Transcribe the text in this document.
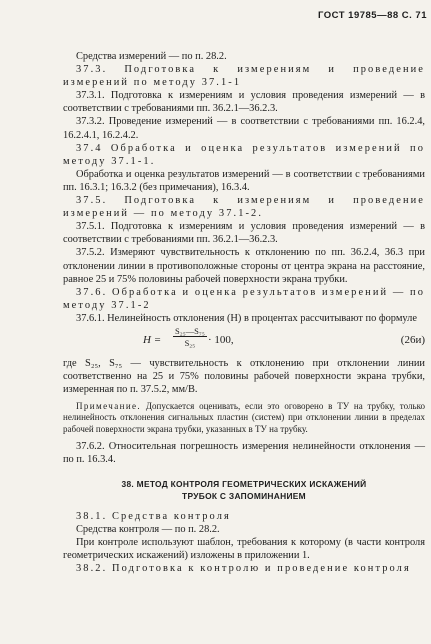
ГОСТ 19785—88 С. 71

Средства измерений — по п. 28.2.

37.3. Подготовка к измерениям и проведение измерений по методу 37.1-1

37.3.1. Подготовка к измерениям и условия проведения измерений — в соответствии с требованиями пп. 36.2.1—36.2.3.

37.3.2. Проведение измерений — в соответствии с требованиями пп. 16.2.4, 16.2.4.1, 16.2.4.2.

37.4 Обработка и оценка результатов измерений по методу 37.1-1.

Обработка и оценка результатов измерений — в соответствии с требованиями пп. 16.3.1; 16.3.2 (без примечания), 16.3.4.

37.5. Подготовка к измерениям и проведение измерений — по методу 37.1-2.

37.5.1. Подготовка к измерениям и условия проведения измерений — в соответствии с требованиями пп. 36.2.1—36.2.3.

37.5.2. Измеряют чувствительность к отклонению по пп. 36.2.4, 36.3 при отклонении линии в противоположные стороны от центра экрана на расстояние, равное 25 и 75% половины рабочей поверхности экрана трубки.

37.6. Обработка и оценка результатов измерений — по методу 37.1-2

37.6.1. Нелинейность отклонения (H) в процентах рассчитывают по формуле

$H = \frac{\text{S₂₅—S₇₅}}{\text{S₂₅}} \cdot 100$,	(26и)

где S₂₅, S₇₅ — чувствительность к отклонению при отклонении линии соответственно на 25 и 75% половины рабочей поверхности экрана трубки, измеренная по п. 37.5.2, мм/В.

Примечание. Допускается оценивать, если это оговорено в ТУ на трубку, только нелинейность отклонения сигнальных пластин (систем) при отклонении линии в пределах рабочей поверхности экрана трубки, указанных в ТУ на трубку.

37.6.2. Относительная погрешность измерения нелинейности отклонения — по п. 16.3.4.

38. МЕТОД КОНТРОЛЯ ГЕОМЕТРИЧЕСКИХ ИСКАЖЕНИЙ
ТРУБОК С ЗАПОМИНАНИЕМ

38.1. Средства контроля

Средства контроля — по п. 28.2.

При контроле используют шаблон, требования к которому (в части контроля геометрических искажений) изложены в приложении 1.

38.2. Подготовка к контролю и проведение контроля
